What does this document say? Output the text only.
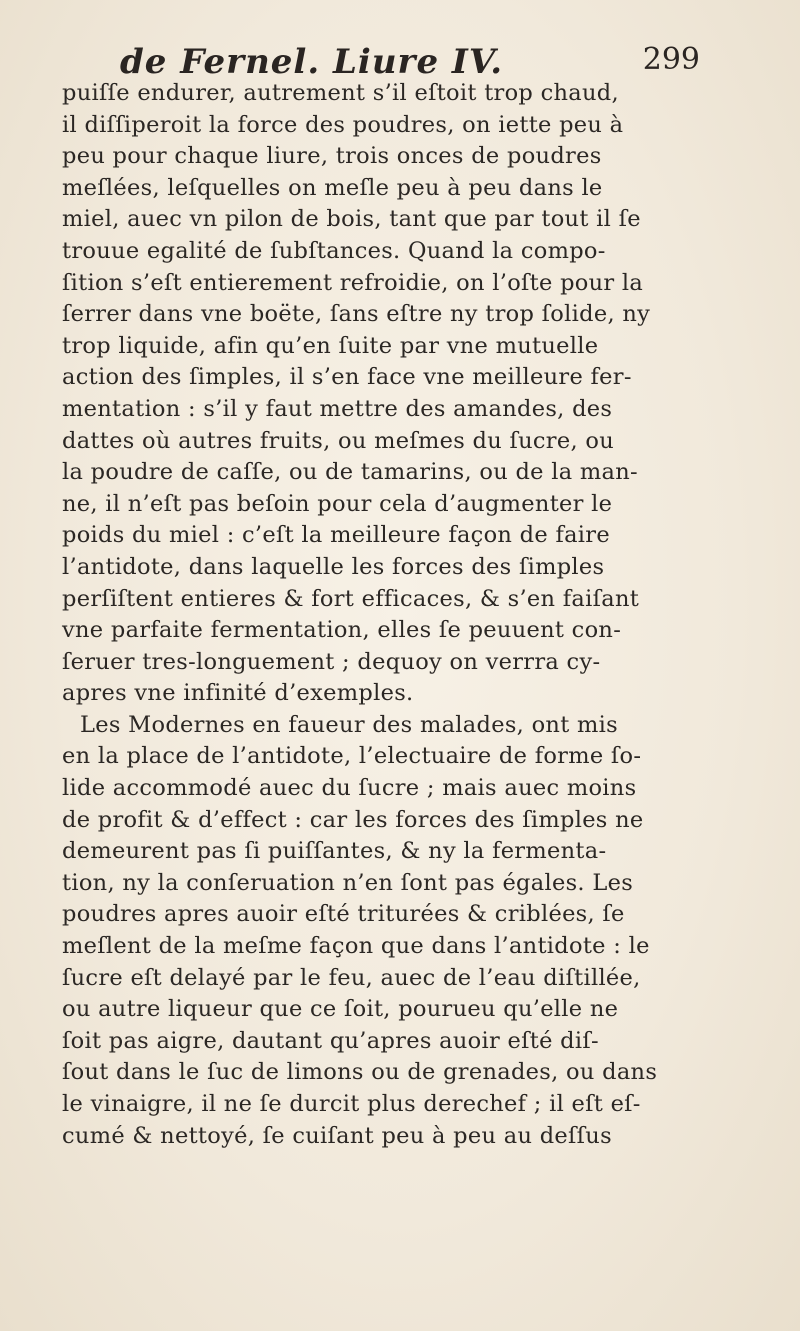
de Fernel. Liure IV.	299
puiſſe endurer, autrement s’il eſtoit trop chaud,
il diſſiperoit la force des poudres, on iette peu à
peu pour chaque liure, trois onces de poudres
meſlées, leſquelles on meſle peu à peu dans le
miel, auec vn pilon de bois, tant que par tout il ſe
trouue egalité de ſubſtances. Quand la compo-
ſition s’eſt entierement refroidie, on l’oſte pour la
ſerrer dans vne boëte, ſans eſtre ny trop ſolide, ny
trop liquide, afin qu’en ſuite par vne mutuelle
action des ſimples, il s’en face vne meilleure fer-
mentation : s’il y faut mettre des amandes, des
dattes où autres fruits, ou meſmes du ſucre, ou
la poudre de caſſe, ou de tamarins, ou de la man-
ne, il n’eſt pas beſoin pour cela d’augmenter le
poids du miel : c’eſt la meilleure façon de faire
l’antidote, dans laquelle les forces des ſimples
perſiſtent entieres & fort efficaces, & s’en faiſant
vne parfaite fermentation, elles ſe peuuent con-
ſeruer tres-longuement ; dequoy on verrra cy-
apres vne infinité d’exemples.
Les Modernes en faueur des malades, ont mis
en la place de l’antidote, l’electuaire de forme ſo-
lide accommodé auec du ſucre ; mais auec moins
de profit & d’effect : car les forces des ſimples ne
demeurent pas ſi puiſſantes, & ny la fermenta-
tion, ny la conſeruation n’en ſont pas égales. Les
poudres apres auoir eſté triturées & criblées, ſe
meſlent de la meſme façon que dans l’antidote : le
ſucre eſt delayé par le feu, auec de l’eau diſtillée,
ou autre liqueur que ce ſoit, pourueu qu’elle ne
ſoit pas aigre, dautant qu’apres auoir eſté diſ-
ſout dans le ſuc de limons ou de grenades, ou dans
le vinaigre, il ne ſe durcit plus derechef ; il eſt eſ-
cumé & nettoyé, ſe cuiſant peu à peu au deſſus
